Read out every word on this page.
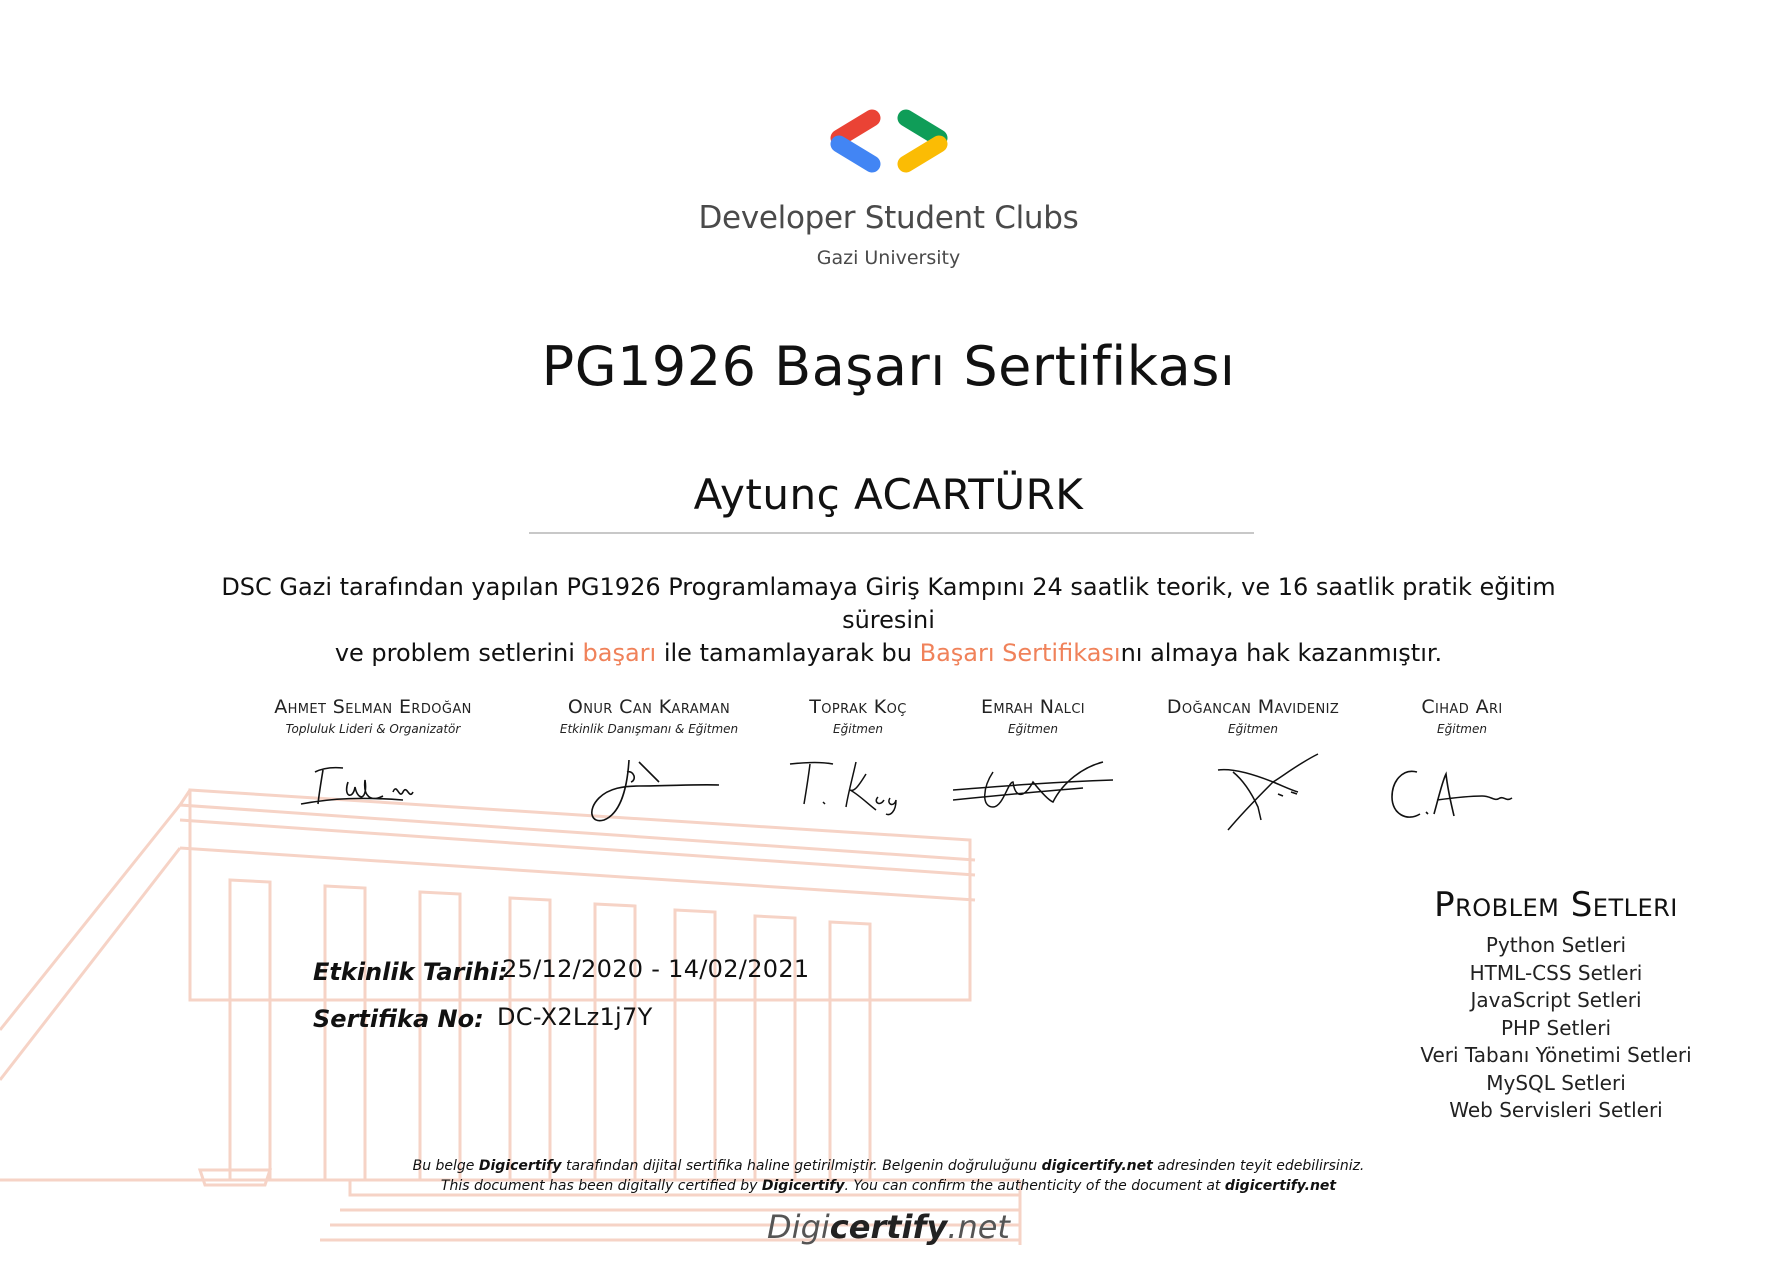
Developer Student Clubs
Gazi University
PG1926 Başarı Sertifikası
Aytunç ACARTÜRK
DSC Gazi tarafından yapılan PG1926 Programlamaya Giriş Kampını 24 saatlik teorik, ve 16 saatlik pratik eğitim süresini
ve problem setlerini başarı ile tamamlayarak bu Başarı Sertifikasını almaya hak kazanmıştır.
Ahmet Selman Erdoğan
Topluluk Lideri & Organizatör
Onur Can Karaman
Etkinlik Danışmanı & Eğitmen
Toprak Koç
Eğitmen
Emrah Nalcı
Eğitmen
Doğancan Mavideniz
Eğitmen
Cihad Arı
Eğitmen
Etkinlik Tarihi:
25/12/2020 - 14/02/2021
Sertifika No: DC-X2Lz1j7Y
Problem Setleri
Python Setleri
HTML-CSS Setleri
JavaScript Setleri
PHP Setleri
Veri Tabanı Yönetimi Setleri
MySQL Setleri
Web Servisleri Setleri
Bu belge Digicertify tarafından dijital sertifika haline getirilmiştir. Belgenin doğruluğunu digicertify.net adresinden teyit edebilirsiniz.
This document has been digitally certified by Digicertify. You can confirm the authenticity of the document at digicertify.net
Digicertify.net
